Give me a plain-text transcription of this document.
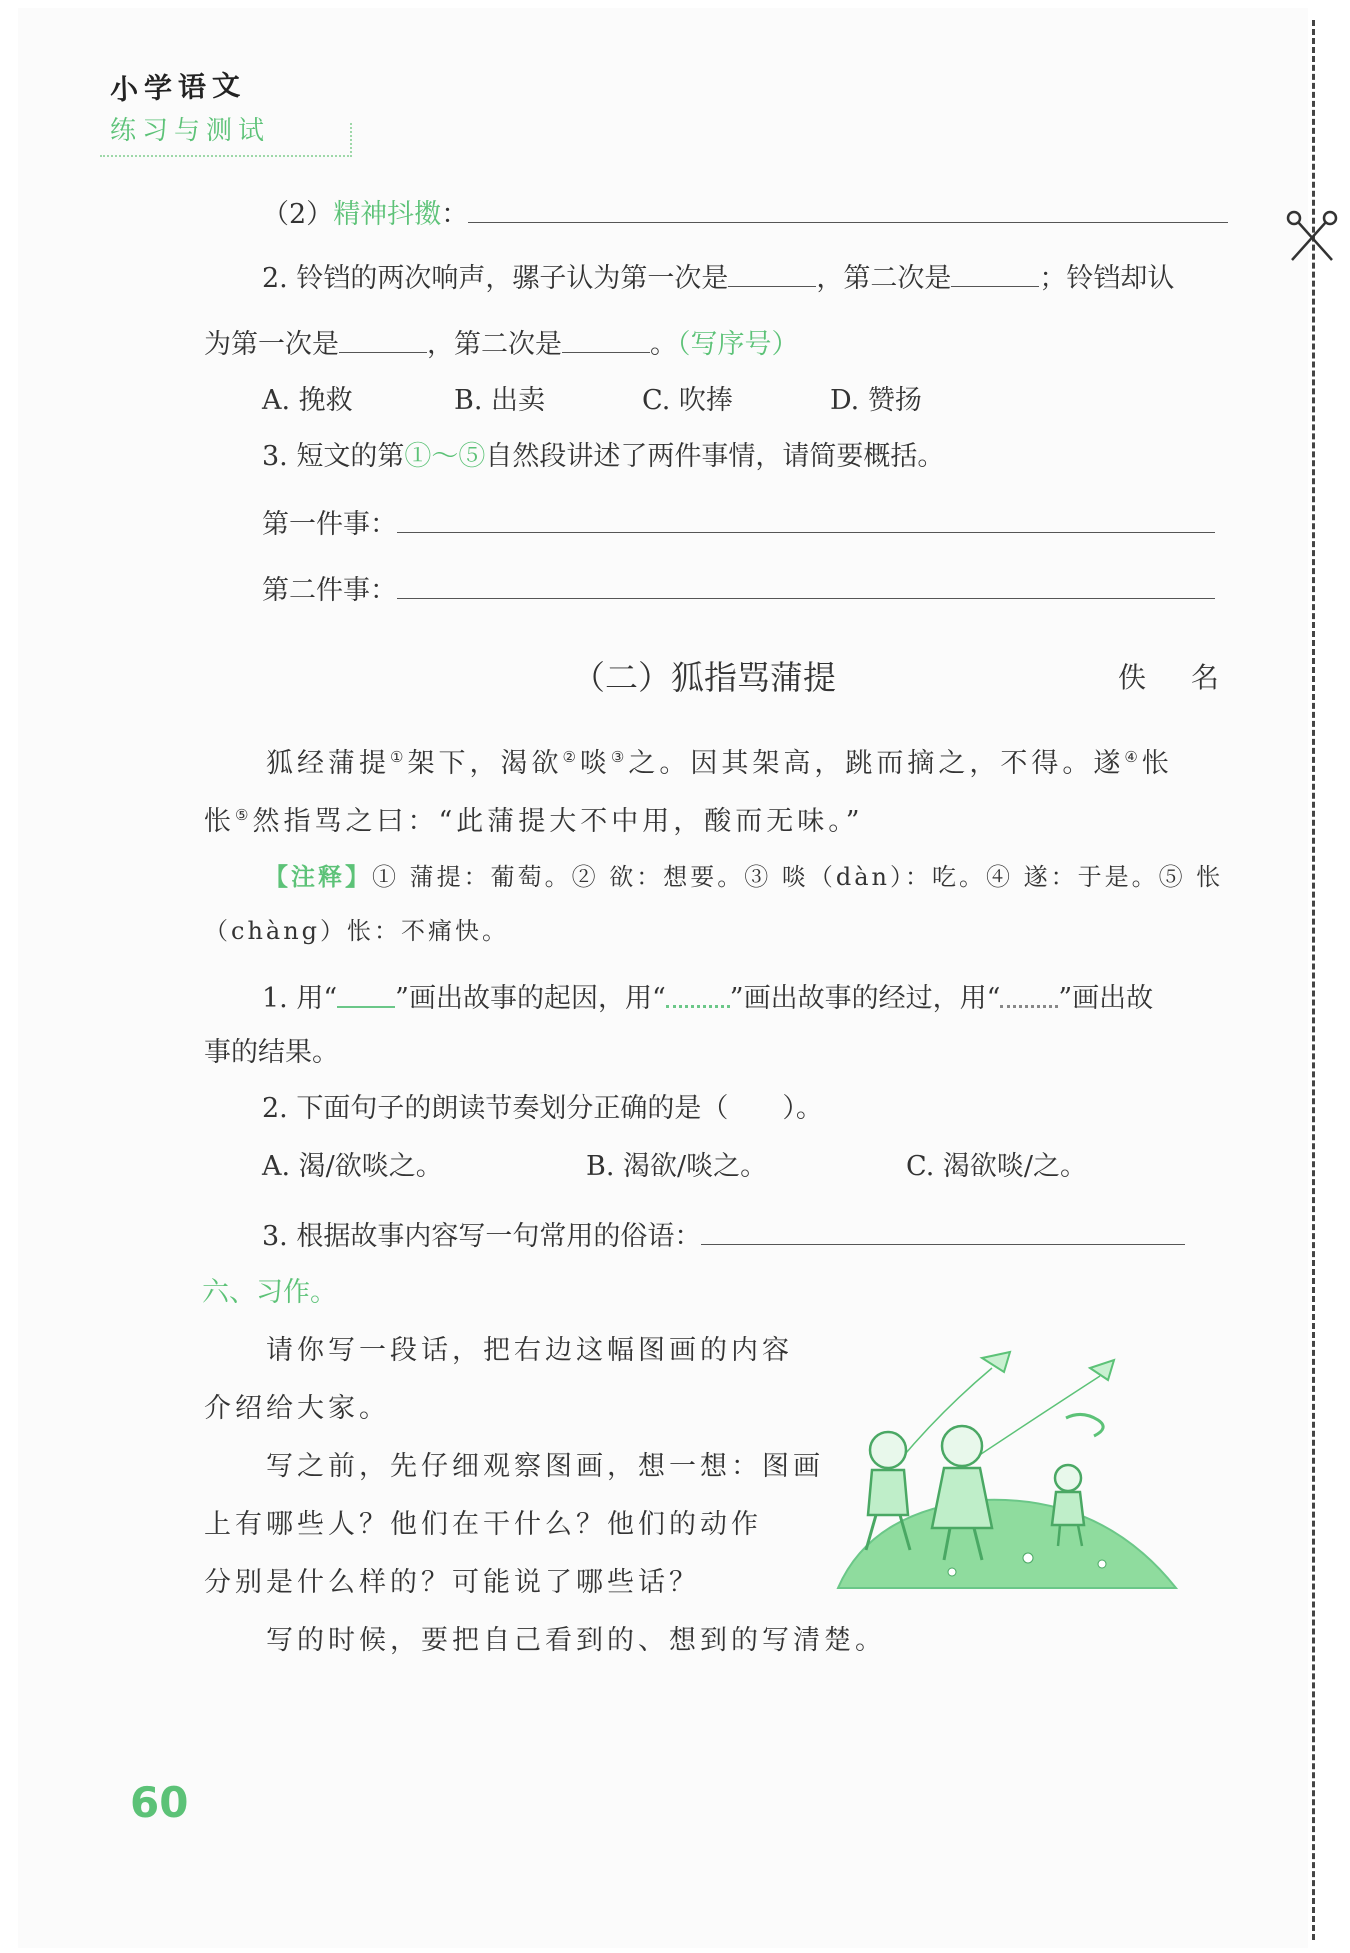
小学语文
练习与测试
（2）精神抖擞：
2. 铃铛的两次响声，骡子认为第一次是	，第二次是	；铃铛却认
为第一次是	，第二次是	。（写序号）
A. 挽救	B. 出卖	C. 吹捧	D. 赞扬
3. 短文的第①～⑤自然段讲述了两件事情，请简要概括。
第一件事：
第二件事：
（二）狐指骂蒲提	佚 名
狐经蒲提①架下，渴欲②啖③之。因其架高，跳而摘之，不得。遂④怅
怅⑤然指骂之曰：“此蒲提大不中用，酸而无味。”
【注释】① 蒲提：葡萄。② 欲：想要。③ 啖（dàn）：吃。④ 遂：于是。⑤ 怅
（chàng）怅：不痛快。
1. 用“ ”画出故事的起因，用“ ”画出故事的经过，用“ ”画出故
事的结果。
2. 下面句子的朗读节奏划分正确的是（　　）。
A. 渴/欲啖之。	B. 渴欲/啖之。	C. 渴欲啖/之。
3. 根据故事内容写一句常用的俗语：
六、习作。
请你写一段话，把右边这幅图画的内容
介绍给大家。
写之前，先仔细观察图画，想一想：图画
上有哪些人？他们在干什么？他们的动作
分别是什么样的？可能说了哪些话？
写的时候，要把自己看到的、想到的写清楚。
60
